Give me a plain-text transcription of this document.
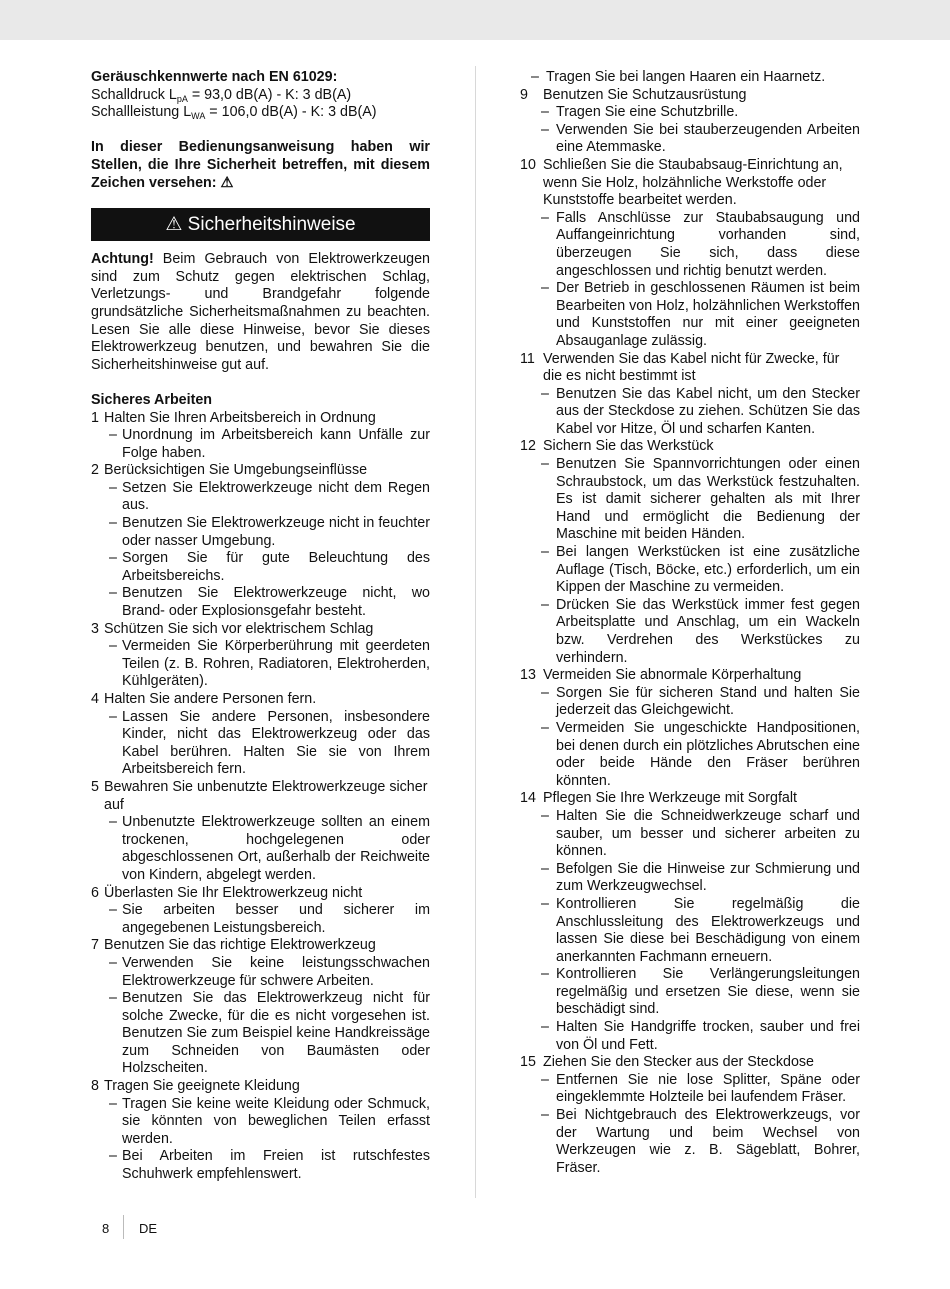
Geräuschkennwerte nach EN 61029:

Schalldruck $L_{pA} = 93,0$ dB(A) - K: 3 dB(A)

Schallleistung $L_{WA} = 106,0$ dB(A) - K: 3 dB(A)

In dieser Bedienungsanweisung haben wir Stellen, die Ihre Sicherheit betreffen, mit diesem Zeichen versehen: ⚠

⚠ Sicherheitshinweise

Achtung! Beim Gebrauch von Elektrowerkzeugen sind zum Schutz gegen elektrischen Schlag, Verletzungs- und Brandgefahr folgende grundsätzliche Sicherheitsmaßnahmen zu beachten. Lesen Sie alle diese Hinweise, bevor Sie dieses Elektrowerkzeug benutzen, und bewahren Sie die Sicherheitshinweise gut auf.

Sicheres Arbeiten

1 Halten Sie Ihren Arbeitsbereich in Ordnung
– Unordnung im Arbeitsbereich kann Unfälle zur Folge haben.
2 Berücksichtigen Sie Umgebungseinflüsse
– Setzen Sie Elektrowerkzeuge nicht dem Regen aus.
– Benutzen Sie Elektrowerkzeuge nicht in feuchter oder nasser Umgebung.
– Sorgen Sie für gute Beleuchtung des Arbeitsbereichs.
– Benutzen Sie Elektrowerkzeuge nicht, wo Brand- oder Explosionsgefahr besteht.
3 Schützen Sie sich vor elektrischem Schlag
– Vermeiden Sie Körperberührung mit geerdeten Teilen (z. B. Rohren, Radiatoren, Elektroherden, Kühlgeräten).
4 Halten Sie andere Personen fern.
– Lassen Sie andere Personen, insbesondere Kinder, nicht das Elektrowerkzeug oder das Kabel berühren. Halten Sie sie von Ihrem Arbeitsbereich fern.
5 Bewahren Sie unbenutzte Elektrowerkzeuge sicher auf
– Unbenutzte Elektrowerkzeuge sollten an einem trockenen, hochgelegenen oder abgeschlossenen Ort, außerhalb der Reichweite von Kindern, abgelegt werden.
6 Überlasten Sie Ihr Elektrowerkzeug nicht
– Sie arbeiten besser und sicherer im angegebenen Leistungsbereich.
7 Benutzen Sie das richtige Elektrowerkzeug
– Verwenden Sie keine leistungsschwachen Elektrowerkzeuge für schwere Arbeiten.
– Benutzen Sie das Elektrowerkzeug nicht für solche Zwecke, für die es nicht vorgesehen ist. Benutzen Sie zum Beispiel keine Handkreissäge zum Schneiden von Baumästen oder Holzscheiten.
8 Tragen Sie geeignete Kleidung
– Tragen Sie keine weite Kleidung oder Schmuck, sie könnten von beweglichen Teilen erfasst werden.
– Bei Arbeiten im Freien ist rutschfestes Schuhwerk empfehlenswert.
– Tragen Sie bei langen Haaren ein Haarnetz.
9	Benutzen Sie Schutzausrüstung
– Tragen Sie eine Schutzbrille.
– Verwenden Sie bei stauberzeugenden Arbeiten eine Atemmaske.
10 Schließen Sie die Staubabsaug-Einrichtung an, wenn Sie Holz, holzähnliche Werkstoffe oder Kunststoffe bearbeitet werden.
– Falls Anschlüsse zur Staubabsaugung und Auffangeinrichtung vorhanden sind, überzeugen Sie sich, dass diese angeschlossen und richtig benutzt werden.
– Der Betrieb in geschlossenen Räumen ist beim Bearbeiten von Holz, holzähnlichen Werkstoffen und Kunststoffen nur mit einer geeigneten Absauganlage zulässig.
11 Verwenden Sie das Kabel nicht für Zwecke, für die es nicht bestimmt ist
– Benutzen Sie das Kabel nicht, um den Stecker aus der Steckdose zu ziehen. Schützen Sie das Kabel vor Hitze, Öl und scharfen Kanten.
12 Sichern Sie das Werkstück
– Benutzen Sie Spannvorrichtungen oder einen Schraubstock, um das Werkstück festzuhalten. Es ist damit sicherer gehalten als mit Ihrer Hand und ermöglicht die Bedienung der Maschine mit beiden Händen.
– Bei langen Werkstücken ist eine zusätzliche Auflage (Tisch, Böcke, etc.) erforderlich, um ein Kippen der Maschine zu vermeiden.
– Drücken Sie das Werkstück immer fest gegen Arbeitsplatte und Anschlag, um ein Wackeln bzw. Verdrehen des Werkstückes zu verhindern.
13 Vermeiden Sie abnormale Körperhaltung
– Sorgen Sie für sicheren Stand und halten Sie jederzeit das Gleichgewicht.
– Vermeiden Sie ungeschickte Handpositionen, bei denen durch ein plötzliches Abrutschen eine oder beide Hände den Fräser berühren könnten.
14 Pflegen Sie Ihre Werkzeuge mit Sorgfalt
– Halten Sie die Schneidwerkzeuge scharf und sauber, um besser und sicherer arbeiten zu können.
– Befolgen Sie die Hinweise zur Schmierung und zum Werkzeugwechsel.
– Kontrollieren Sie regelmäßig die Anschlussleitung des Elektrowerkzeugs und lassen Sie diese bei Beschädigung von einem anerkannten Fachmann erneuern.
– Kontrollieren Sie Verlängerungsleitungen regelmäßig und ersetzen Sie diese, wenn sie beschädigt sind.
– Halten Sie Handgriffe trocken, sauber und frei von Öl und Fett.
15 Ziehen Sie den Stecker aus der Steckdose
– Entfernen Sie nie lose Splitter, Späne oder eingeklemmte Holzteile bei laufendem Fräser.
– Bei Nichtgebrauch des Elektrowerkzeugs, vor der Wartung und beim Wechsel von Werkzeugen wie z. B. Sägeblatt, Bohrer, Fräser.
8 DE
